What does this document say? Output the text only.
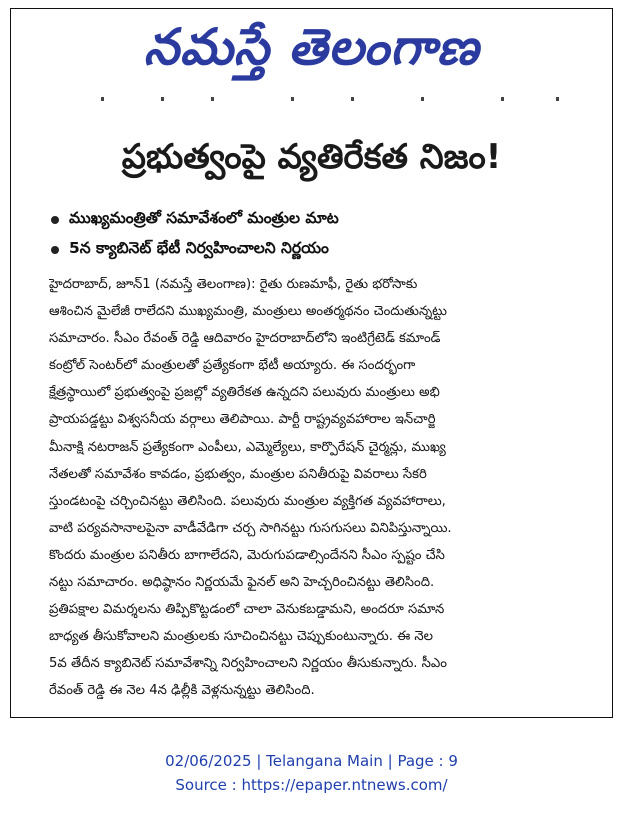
నమస్తే తెలంగాణ
ప్రభుత్వంపై వ్యతిరేకత నిజం!
ముఖ్యమంత్రితో సమావేశంలో మంత్రుల మాట
5న క్యాబినెట్ భేటీ నిర్వహించాలని నిర్ణయం
హైదరాబాద్, జూన్1 (నమస్తే తెలంగాణ): రైతు రుణమాఫీ, రైతు భరోసాకు
ఆశించిన మైలేజీ రాలేదని ముఖ్యమంత్రి, మంత్రులు అంతర్మథనం చెందుతున్నట్టు
సమాచారం. సీఎం రేవంత్ రెడ్డి ఆదివారం హైదరాబాద్‌లోని ఇంటిగ్రేటెడ్ కమాండ్
కంట్రోల్ సెంటర్‌లో మంత్రులతో ప్రత్యేకంగా భేటీ అయ్యారు. ఈ సందర్భంగా
క్షేత్రస్థాయిలో ప్రభుత్వంపై ప్రజల్లో వ్యతిరేకత ఉన్నదని పలువురు మంత్రులు అభి
ప్రాయపడ్డట్టు విశ్వసనీయ వర్గాలు తెలిపాయి. పార్టీ రాష్ట్రవ్యవహారాల ఇన్‌చార్జి
మీనాక్షి నటరాజన్ ప్రత్యేకంగా ఎంపీలు, ఎమ్మెల్యేలు, కార్పొరేషన్ చైర్మన్లు, ముఖ్య
నేతలతో సమావేశం కావడం, ప్రభుత్వం, మంత్రుల పనితీరుపై వివరాలు సేకరి
స్తుండటంపై చర్చించినట్టు తెలిసింది. పలువురు మంత్రుల వ్యక్తిగత వ్యవహారాలు,
వాటి పర్యవసానాలపైనా వాడీవేడిగా చర్చ సాగినట్టు గుసగుసలు వినిపిస్తున్నాయి.
కొందరు మంత్రుల పనితీరు బాగాలేదని, మెరుగుపడాల్సిందేనని సీఎం స్పష్టం చేసి
నట్టు సమాచారం. అధిష్ఠానం నిర్ణయమే ఫైనల్ అని హెచ్చరించినట్టు తెలిసింది.
ప్రతిపక్షాల విమర్శలను తిప్పికొట్టడంలో చాలా వెనుకబడ్డామని, అందరూ సమాన
బాధ్యత తీసుకోవాలని మంత్రులకు సూచించినట్టు చెప్పుకుంటున్నారు. ఈ నెల
5వ తేదీన క్యాబినెట్ సమావేశాన్ని నిర్వహించాలని నిర్ణయం తీసుకున్నారు. సీఎం
రేవంత్ రెడ్డి ఈ నెల 4న ఢిల్లీకి వెళ్లనున్నట్టు తెలిసింది.
02/06/2025 | Telangana Main | Page : 9
Source : https://epaper.ntnews.com/
